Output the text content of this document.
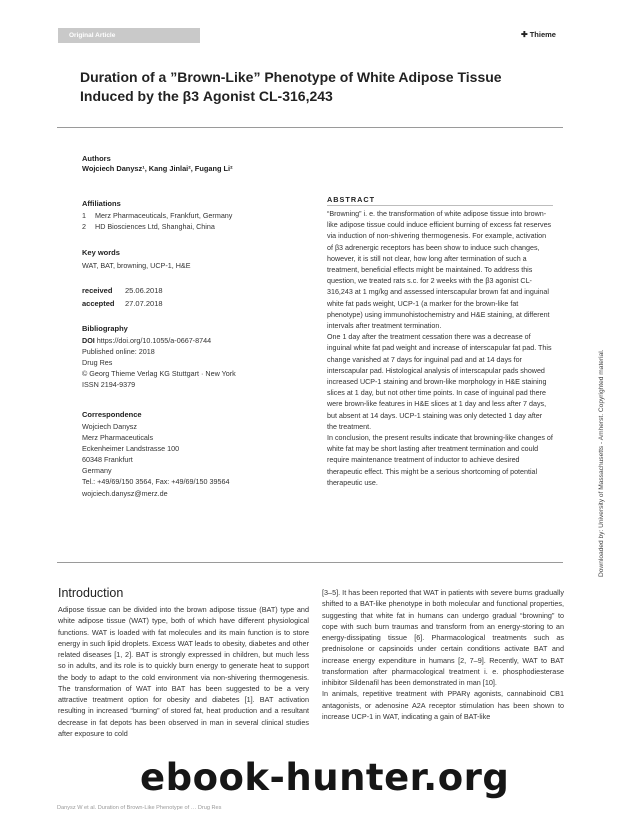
Original Article	✚ Thieme
Duration of a ”Brown-Like” Phenotype of White Adipose Tissue
Induced by the β3 Agonist CL-316,243
Authors
Wojciech Danysz¹, Kang Jinlai², Fugang Li²
Affiliations
1 Merz Pharmaceuticals, Frankfurt, Germany
2 HD Biosciences Ltd, Shanghai, China
Key words
WAT, BAT, browning, UCP-1, H&E
received 25.06.2018
accepted 27.07.2018
Bibliography
DOI https://doi.org/10.1055/a-0667-8744
Published online: 2018
Drug Res
© Georg Thieme Verlag KG Stuttgart · New York
ISSN 2194-9379
Correspondence
Wojciech Danysz
Merz Pharmaceuticals
Eckenheimer Landstrasse 100
60348 Frankfurt
Germany
Tel.: +49/69/150 3564, Fax: +49/69/150 39564
wojciech.danysz@merz.de
ABSTRACT

“Browning” i. e. the transformation of white adipose tissue into brown-like adipose tissue could induce efficient burning of excess fat reserves via induction of non-shivering thermogenesis. For example, activation of β3 adrenergic receptors has been show to induce such changes, however, it is still not clear, how long after termination of such a treatment, beneficial effects might be maintained. To address this question, we treated rats s.c. for 2 weeks with the β3 agonist CL-316,243 at 1 mg/kg and assessed interscapular brown fat and inguinal white fat pads weight, UCP-1 (a marker for the brown-like fat phenotype) using immunohistochemistry and H&E staining, at different intervals after treatment termination.

One 1 day after the treatment cessation there was a decrease of inguinal white fat pad weight and increase of interscapular fat pad. This change vanished at 7 days for inguinal pad and at 14 days for interscapular pad. Histological analysis of interscapular pads showed increased UCP-1 staining and brown-like morphology in H&E staining slices at 1 day, but not other time points. In case of inguinal pad there were brown-like features in H&E slices at 1 day and less after 7 days, but absent at 14 days. UCP-1 staining was only detected 1 day after the treatment.

In conclusion, the present results indicate that browning-like changes of white fat may be short lasting after treatment termination and could require maintenance treatment of inductor to achieve desired therapeutic effect. This might be a serious shortcoming of potential therapeutic use.	Downloaded by: University of Massachusetts - Amherst. Copyrighted material.
Introduction

Adipose tissue can be divided into the brown adipose tissue (BAT) type and white adipose tissue (WAT) type, both of which have different physiological functions. WAT is loaded with fat molecules and its main function is to store energy in such lipid droplets. Excess WAT leads to obesity, diabetes and other related diseases [1, 2]. BAT is strongly expressed in children, but much less so in adults, and its role is to quickly burn energy to generate heat to support the body to adapt to the cold environment via non-shivering thermogenesis. The transformation of WAT into BAT has been suggested to be a very attractive treatment option for obesity and diabetes [1]. BAT activation resulting in increased “burning” of stored fat, heat production and a resultant decrease in fat depots has been observed in man in several clinical studies after exposure to cold

[3–5]. It has been reported that WAT in patients with severe burns gradually shifted to a BAT-like phenotype in both molecular and functional properties, suggesting that white fat in humans can undergo gradual “browning” to cope with such burn traumas and transform from an energy-storing to an energy-dissipating tissue [6]. Pharmacological treatments such as prednisolone or capsinoids under certain conditions activate BAT and increase energy expenditure in humans [2, 7–9]. Recently, WAT to BAT transformation after pharmacological treatment i. e. phosphodiesterase inhibitor Sildenafil has been demonstrated in man [10].

In animals, repetitive treatment with PPARγ agonists, cannabinoid CB1 antagonists, or adenosine A2A receptor stimulation has been shown to increase UCP-1 in WAT, indicating a gain of BAT-like

Danysz W et al. Duration of Brown-Like Phenotype of … Drug Res
ebook-hunter.org
